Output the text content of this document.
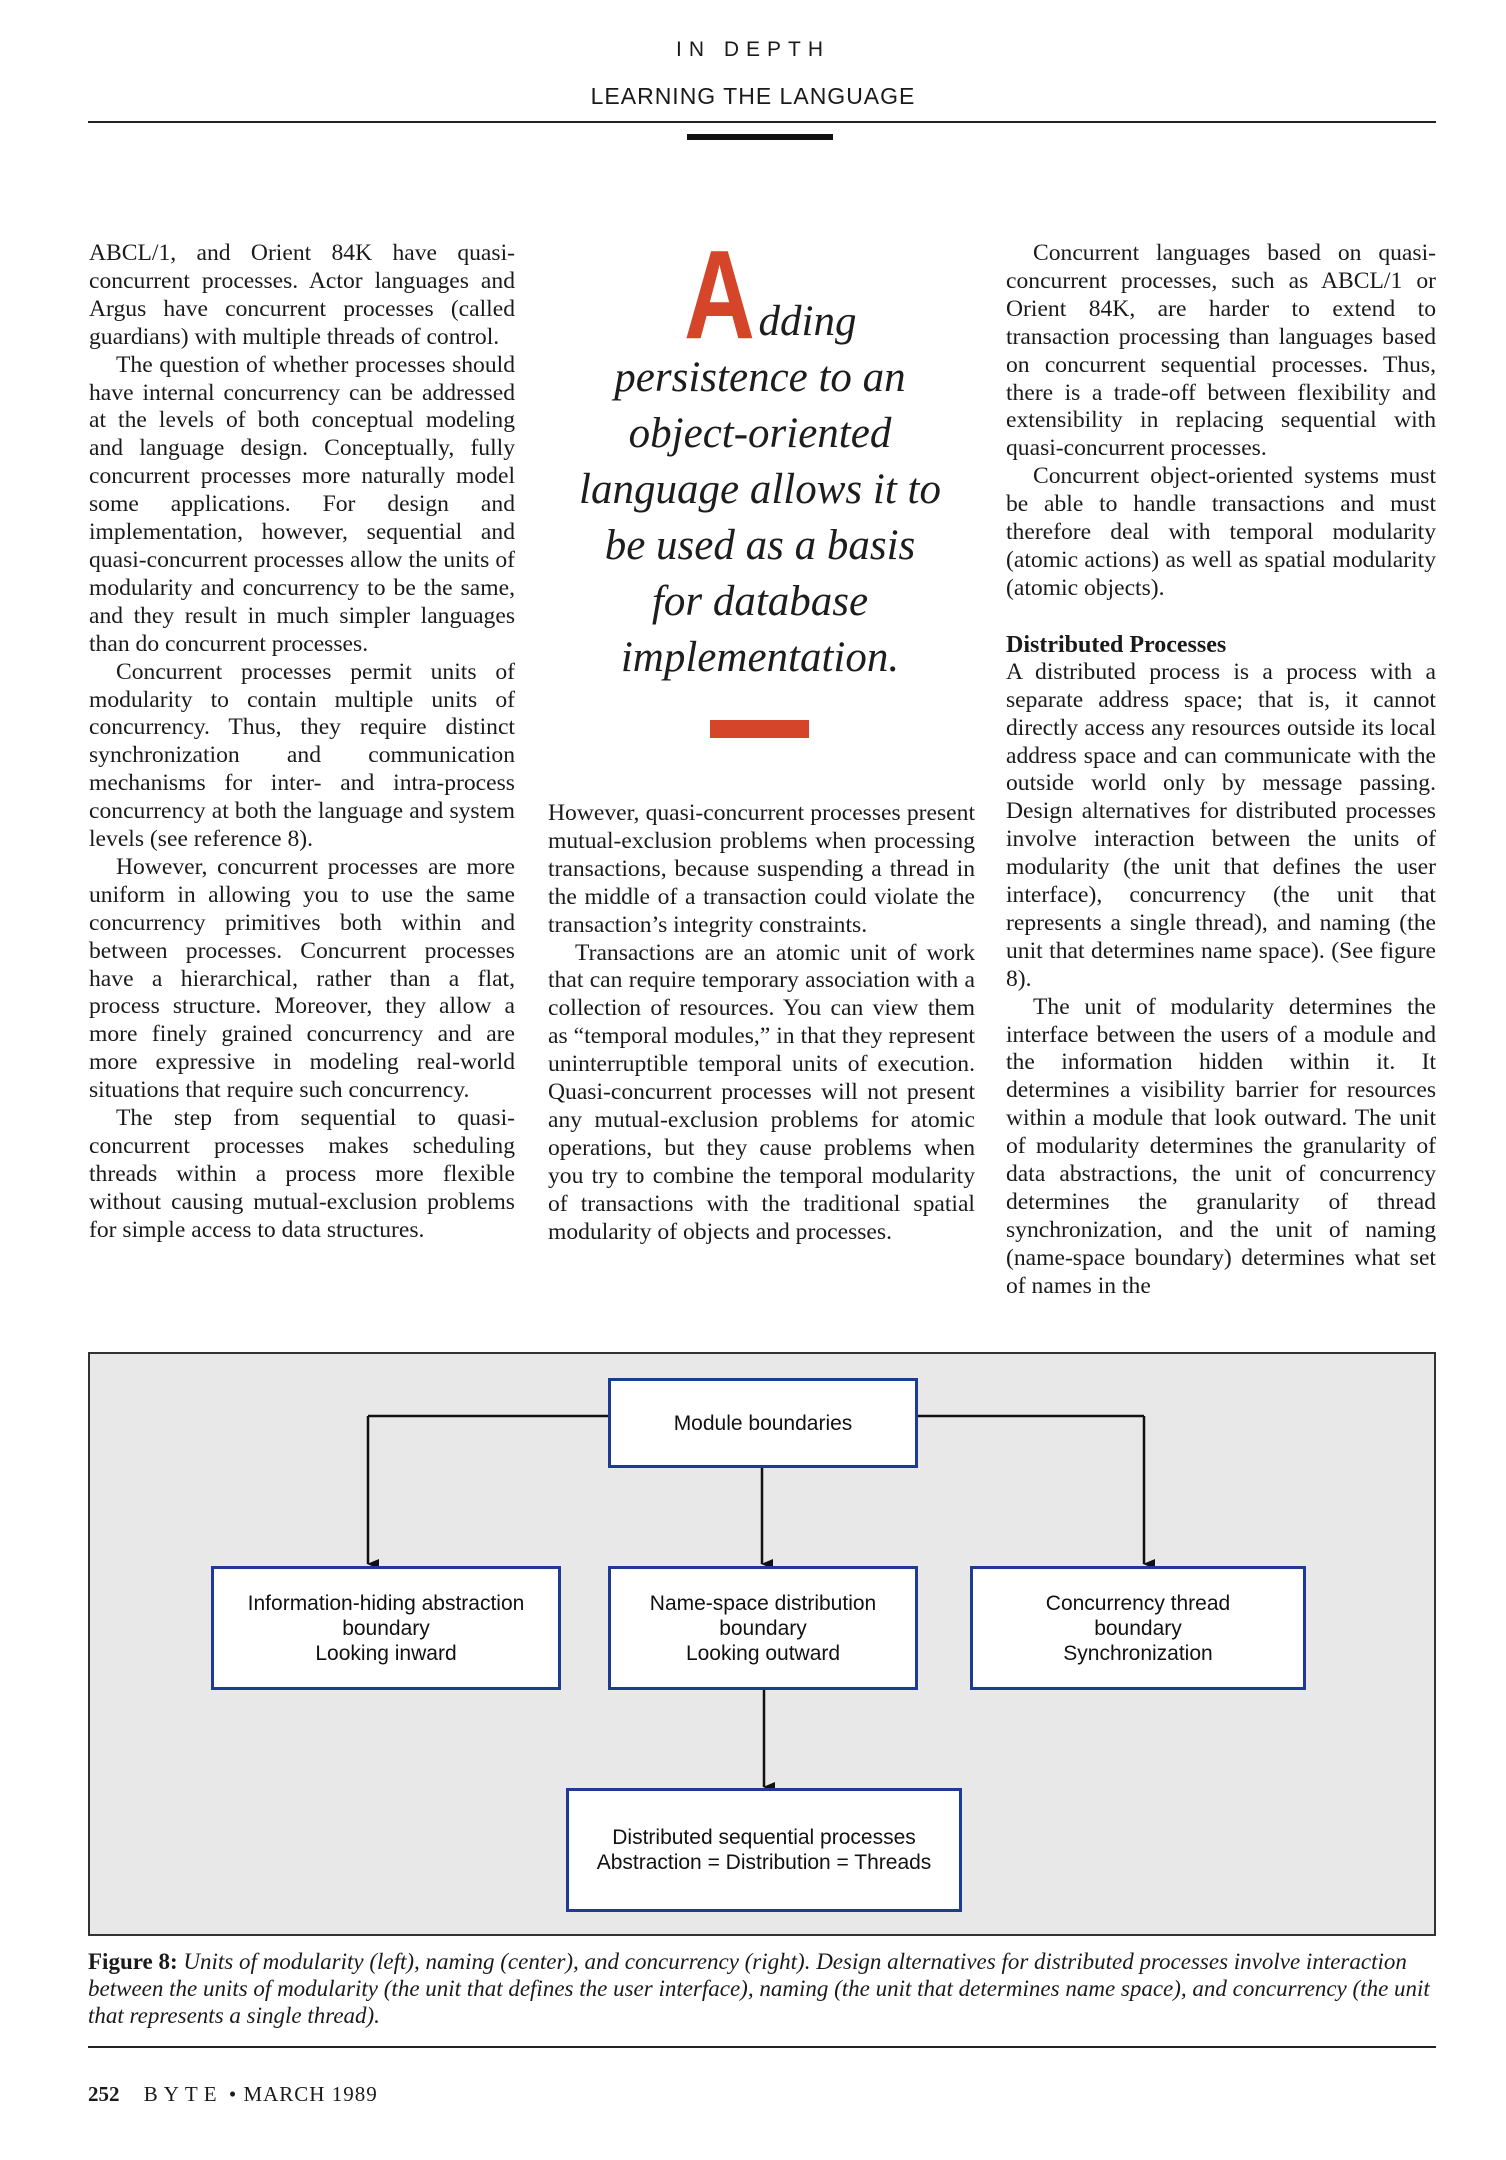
IN DEPTH
LEARNING THE LANGUAGE

ABCL/1, and Orient 84K have quasi-concurrent processes. Actor languages and Argus have concurrent processes (called guardians) with multiple threads of control.

The question of whether processes should have internal concurrency can be addressed at the levels of both conceptual modeling and language design. Conceptually, fully concurrent processes more naturally model some applications. For design and implementation, however, sequential and quasi-concurrent processes allow the units of modularity and concurrency to be the same, and they result in much simpler languages than do concurrent processes.

Concurrent processes permit units of modularity to contain multiple units of concurrency. Thus, they require distinct synchronization and communication mechanisms for inter- and intra-process concurrency at both the language and system levels (see reference 8).

However, concurrent processes are more uniform in allowing you to use the same concurrency primitives both within and between processes. Concurrent processes have a hierarchical, rather than a flat, process structure. Moreover, they allow a more finely grained concurrency and are more expressive in modeling real-world situations that require such concurrency.

The step from sequential to quasi-concurrent processes makes scheduling threads within a process more flexible without causing mutual-exclusion problems for simple access to data structures.

A dding
persistence to an
object-oriented
language allows it to
be used as a basis
for database
implementation.

However, quasi-concurrent processes present mutual-exclusion problems when processing transactions, because suspending a thread in the middle of a transaction could violate the transaction’s integrity constraints.

Transactions are an atomic unit of work that can require temporary association with a collection of resources. You can view them as “temporal modules,” in that they represent uninterruptible temporal units of execution. Quasi-concurrent processes will not present any mutual-exclusion problems for atomic operations, but they cause problems when you try to combine the temporal modularity of transactions with the traditional spatial modularity of objects and processes.

Concurrent languages based on quasi-concurrent processes, such as ABCL/1 or Orient 84K, are harder to extend to transaction processing than languages based on concurrent sequential processes. Thus, there is a trade-off between flexibility and extensibility in replacing sequential with quasi-concurrent processes.

Concurrent object-oriented systems must be able to handle transactions and must therefore deal with temporal modularity (atomic actions) as well as spatial modularity (atomic objects).

Distributed Processes

A distributed process is a process with a separate address space; that is, it cannot directly access any resources outside its local address space and can communicate with the outside world only by message passing. Design alternatives for distributed processes involve interaction between the units of modularity (the unit that defines the user interface), concurrency (the unit that represents a single thread), and naming (the unit that determines name space). (See figure 8).

The unit of modularity determines the interface between the users of a module and the information hidden within it. It determines a visibility barrier for resources within a module that look outward. The unit of modularity determines the granularity of data abstractions, the unit of concurrency determines the granularity of thread synchronization, and the unit of naming (name-space boundary) determines what set of names in the

Module boundaries
Information-hiding abstraction
boundary
Looking inward
Name-space distribution
boundary
Looking outward
Concurrency thread
boundary
Synchronization
Distributed sequential processes
Abstraction = Distribution = Threads
Figure 8: Units of modularity (left), naming (center), and concurrency (right). Design alternatives for distributed processes involve interaction between the units of modularity (the unit that defines the user interface), naming (the unit that determines name space), and concurrency (the unit that represents a single thread).
252 BYTE • MARCH 1989
